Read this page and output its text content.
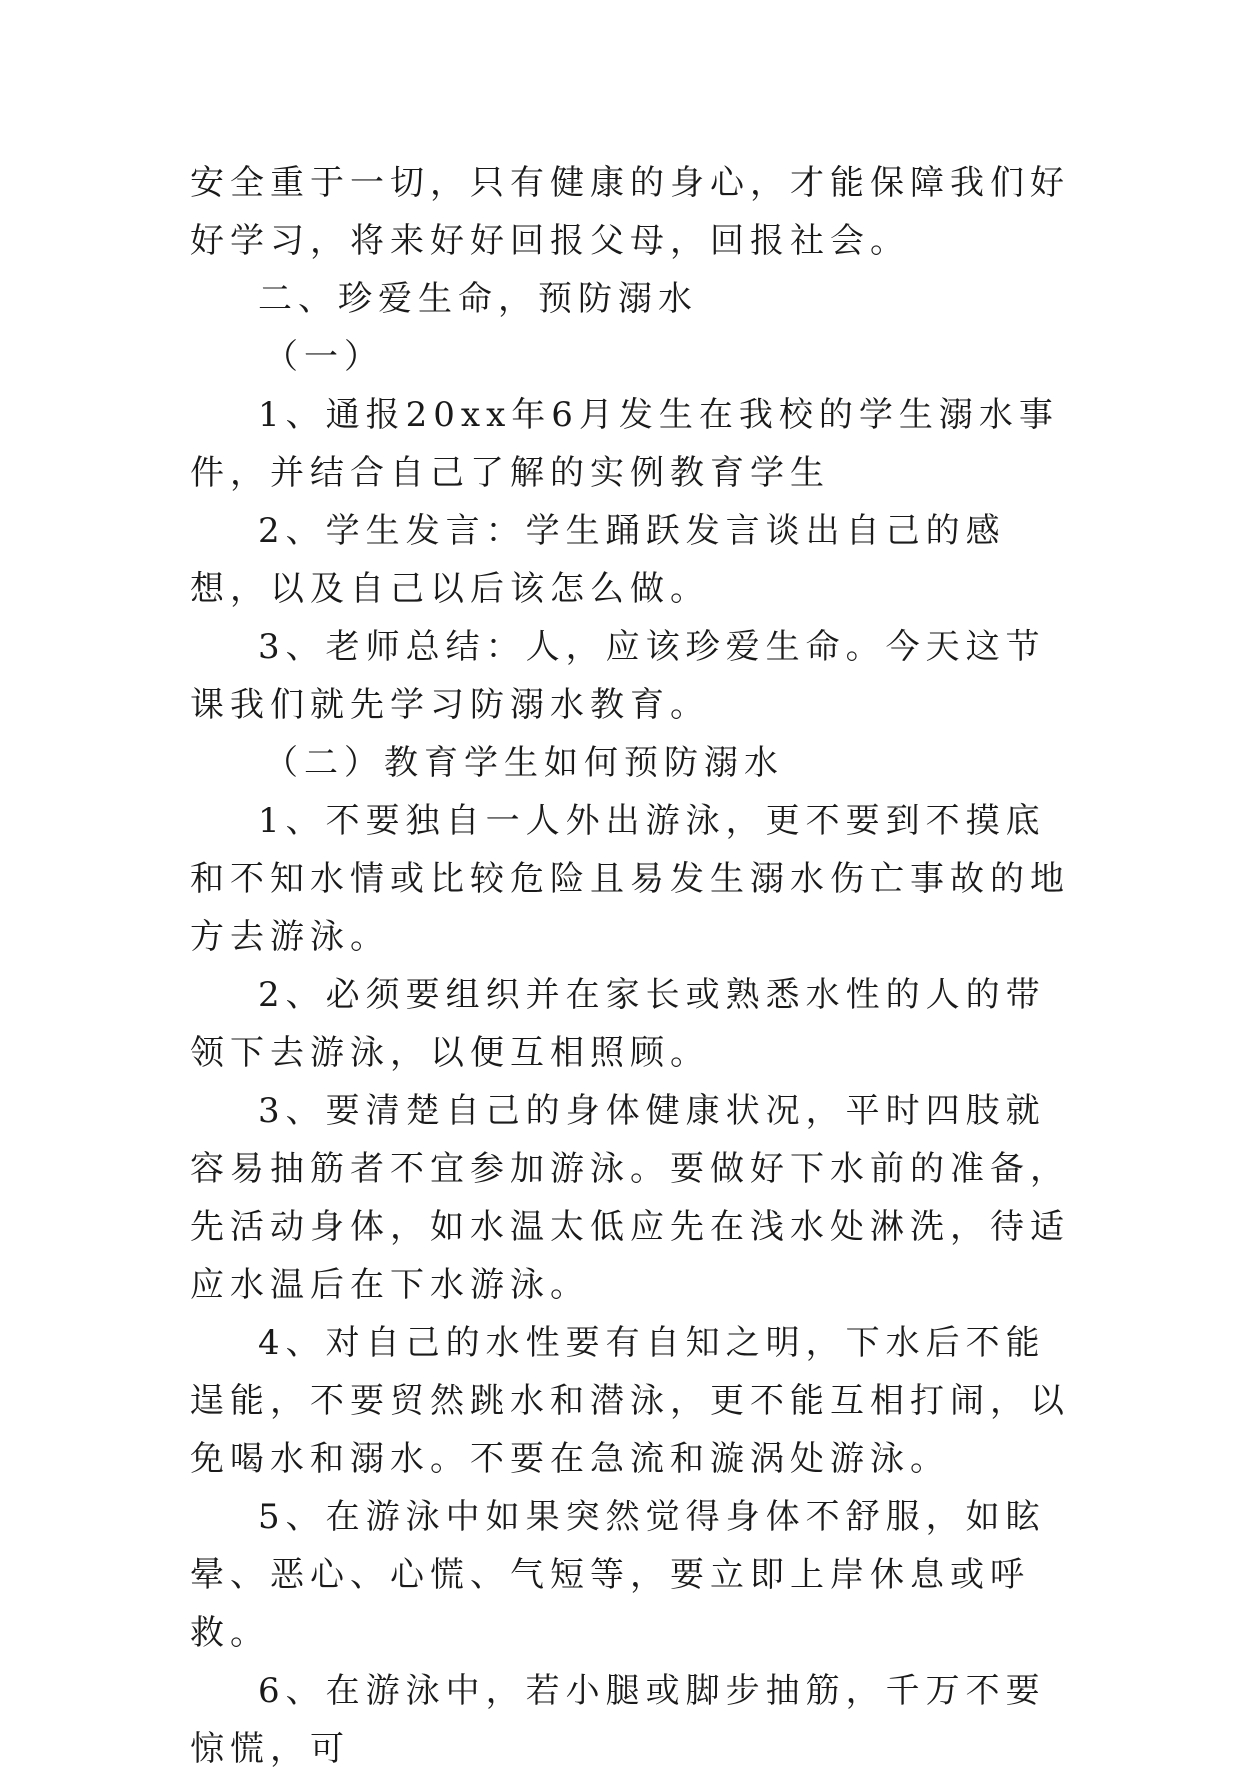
安全重于一切，只有健康的身心，才能保障我们好好学习，将来好好回报父母，回报社会。

二、珍爱生命，预防溺水

（一）

1、通报20xx年6月发生在我校的学生溺水事件，并结合自己了解的实例教育学生

2、学生发言：学生踊跃发言谈出自己的感想，以及自己以后该怎么做。

3、老师总结：人，应该珍爱生命。今天这节课我们就先学习防溺水教育。

（二）教育学生如何预防溺水

1、不要独自一人外出游泳，更不要到不摸底和不知水情或比较危险且易发生溺水伤亡事故的地方去游泳。

2、必须要组织并在家长或熟悉水性的人的带领下去游泳，以便互相照顾。

3、要清楚自己的身体健康状况，平时四肢就容易抽筋者不宜参加游泳。要做好下水前的准备，先活动身体，如水温太低应先在浅水处淋洗，待适应水温后在下水游泳。

4、对自己的水性要有自知之明，下水后不能逞能，不要贸然跳水和潜泳，更不能互相打闹，以免喝水和溺水。不要在急流和漩涡处游泳。

5、在游泳中如果突然觉得身体不舒服，如眩晕、恶心、心慌、气短等，要立即上岸休息或呼救。

6、在游泳中，若小腿或脚步抽筋，千万不要惊慌，可
